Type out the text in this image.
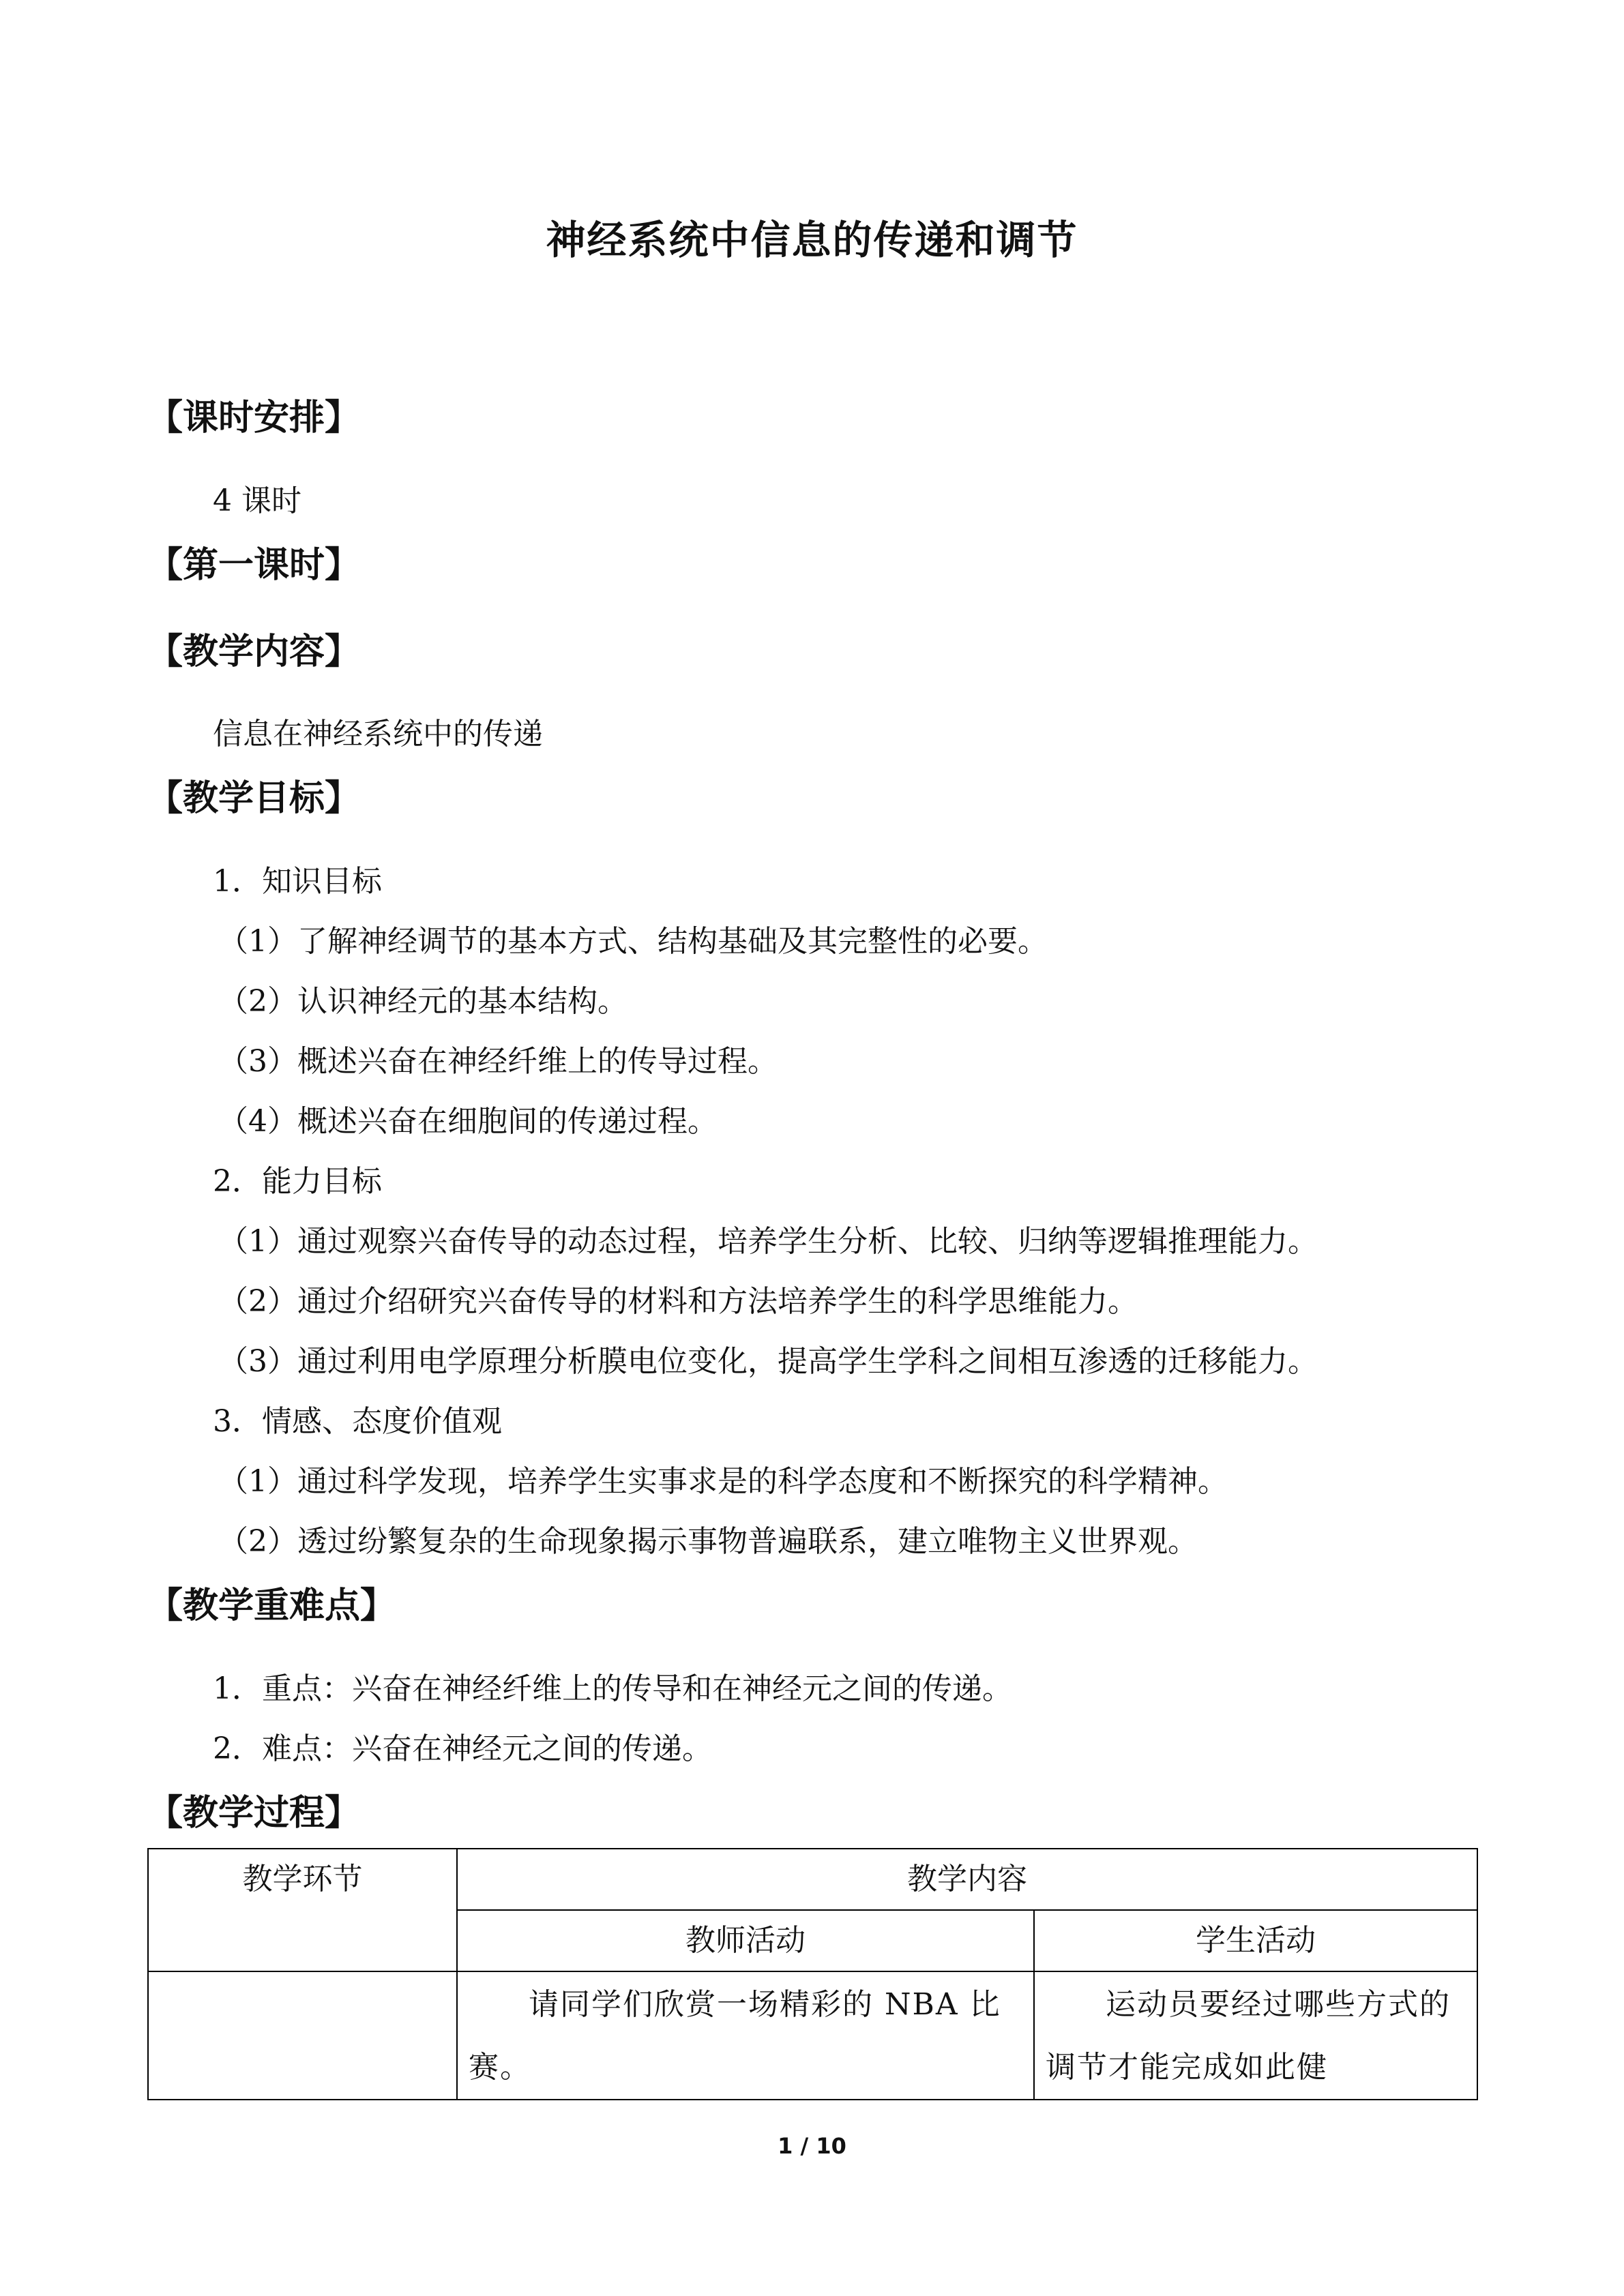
神经系统中信息的传递和调节
【课时安排】
4 课时
【第一课时】
【教学内容】
信息在神经系统中的传递
【教学目标】
1．知识目标
（1）了解神经调节的基本方式、结构基础及其完整性的必要。
（2）认识神经元的基本结构。
（3）概述兴奋在神经纤维上的传导过程。
（4）概述兴奋在细胞间的传递过程。
2．能力目标
（1）通过观察兴奋传导的动态过程，培养学生分析、比较、归纳等逻辑推理能力。
（2）通过介绍研究兴奋传导的材料和方法培养学生的科学思维能力。
（3）通过利用电学原理分析膜电位变化，提高学生学科之间相互渗透的迁移能力。
3．情感、态度价值观
（1）通过科学发现，培养学生实事求是的科学态度和不断探究的科学精神。
（2）透过纷繁复杂的生命现象揭示事物普遍联系，建立唯物主义世界观。
【教学重难点】
1．重点：兴奋在神经纤维上的传导和在神经元之间的传递。
2．难点：兴奋在神经元之间的传递。
【教学过程】
教学环节	教学内容	

	教师活动	学生活动

	请同学们欣赏一场精彩的 NBA 比赛。	运动员要经过哪些方式的调节才能完成如此健
1 / 10
